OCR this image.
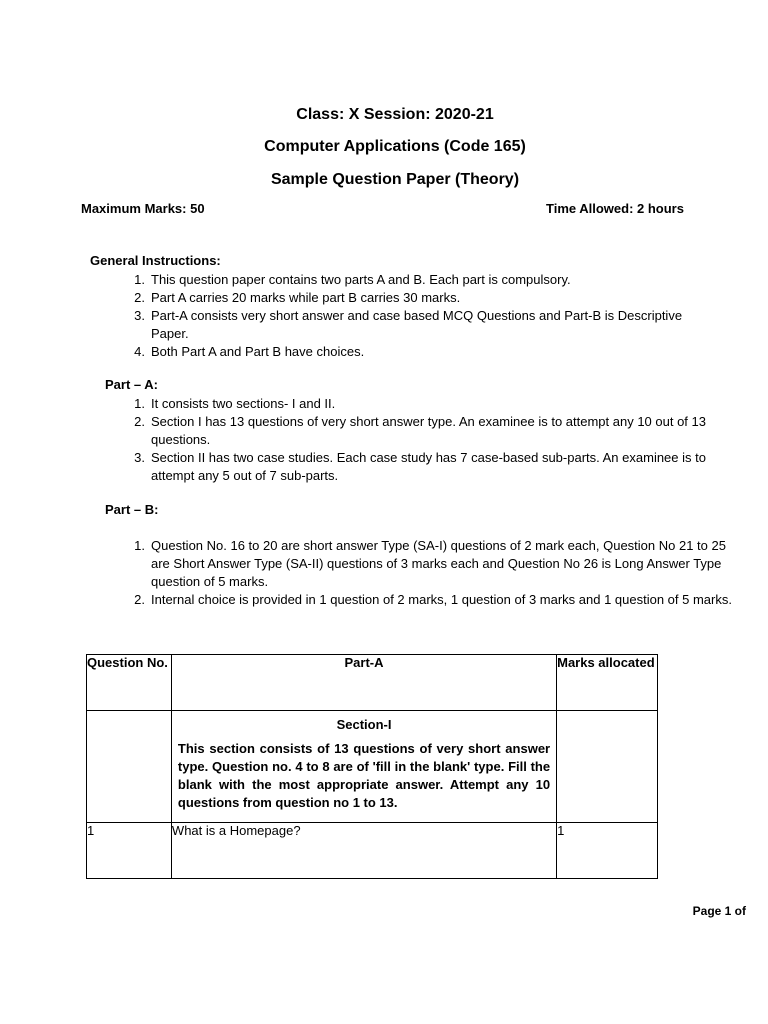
Class: X Session: 2020-21
Computer Applications (Code 165)
Sample Question Paper (Theory)
Maximum Marks: 50	Time Allowed: 2 hours
General Instructions:
1. This question paper contains two parts A and B. Each part is compulsory.
2. Part A carries 20 marks while part B carries 30 marks.
3. Part-A consists very short answer and case based MCQ Questions and Part-B is Descriptive Paper.
4. Both Part A and Part B have choices.
Part – A:
1. It consists two sections- I and II.
2. Section I has 13 questions of very short answer type. An examinee is to attempt any 10 out of 13 questions.
3. Section II has two case studies. Each case study has 7 case-based sub-parts. An examinee is to attempt any 5 out of 7 sub-parts.
Part – B:
1. Question No. 16 to 20 are short answer Type (SA-I) questions of 2 mark each, Question No 21 to 25 are Short Answer Type (SA-II) questions of 3 marks each and Question No 26 is Long Answer Type question of 5 marks.
2. Internal choice is provided in 1 question of 2 marks, 1 question of 3 marks and 1 question of 5 marks.
Question No.	Part-A	Marks allocated

	Section-I
This section consists of 13 questions of very short answer type. Question no. 4 to 8 are of 'fill in the blank' type. Fill the blank with the most appropriate answer. Attempt any 10 questions from question no 1 to 13.	

1	What is a Homepage?	1
Page 1 of
